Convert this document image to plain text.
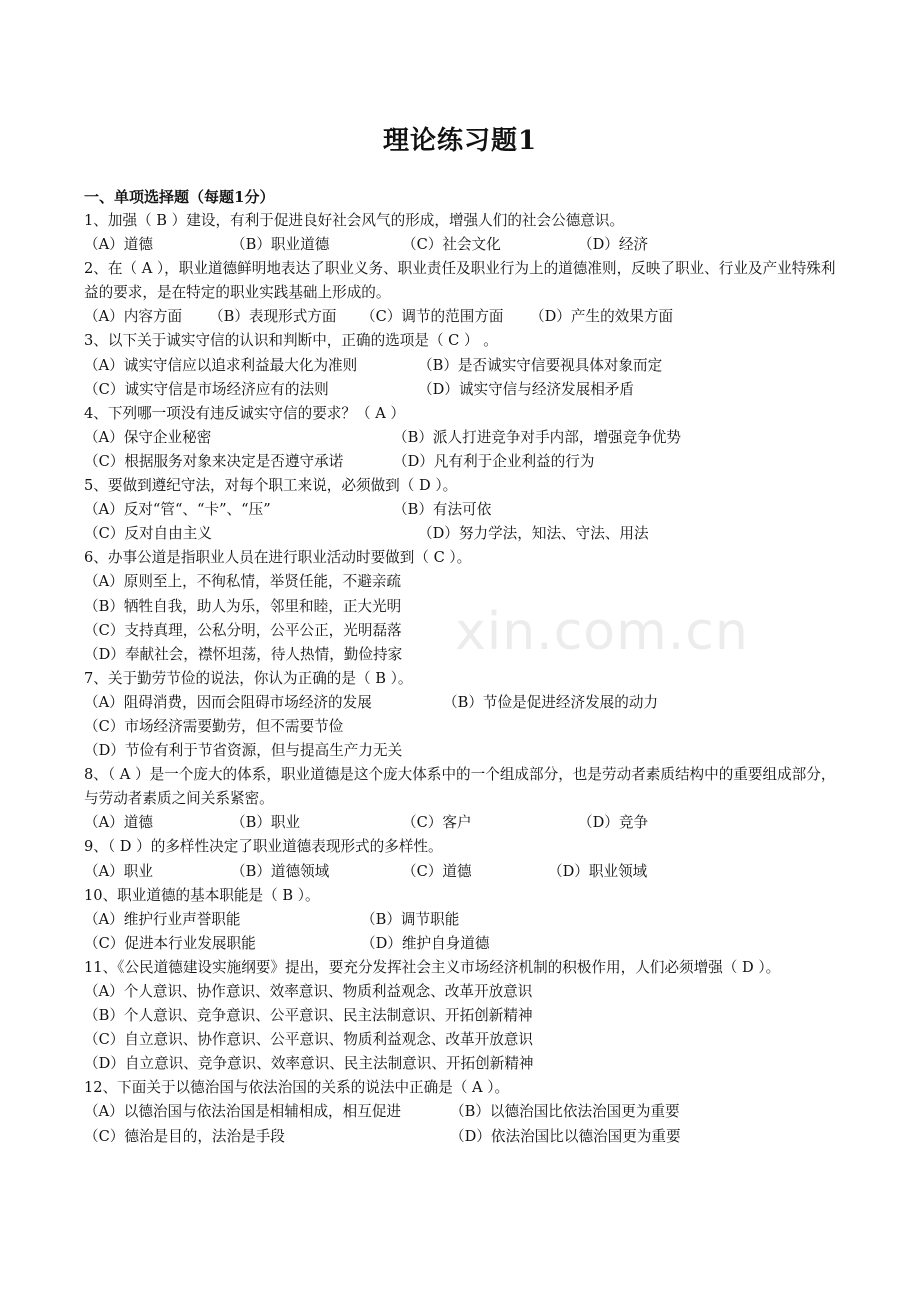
xin.com.cn
理论练习题1
一、单项选择题（每题1分）
1、加强（ B ）建设，有利于促进良好社会风气的形成，增强人们的社会公德意识。
（A）道德	（B）职业道德	（C）社会文化	（D）经济
2、在（ A ），职业道德鲜明地表达了职业义务、职业责任及职业行为上的道德准则，反映了职业、行业及产业特殊利益的要求，是在特定的职业实践基础上形成的。
（A）内容方面 （B）表现形式方面 （C）调节的范围方面 （D）产生的效果方面
3、以下关于诚实守信的认识和判断中，正确的选项是（ C ） 。
（A）诚实守信应以追求利益最大化为准则	（B）是否诚实守信要视具体对象而定
（C）诚实守信是市场经济应有的法则	（D）诚实守信与经济发展相矛盾
4、下列哪一项没有违反诚实守信的要求？（ A ）
（A）保守企业秘密	（B）派人打进竞争对手内部，增强竞争优势
（C）根据服务对象来决定是否遵守承诺	（D）凡有利于企业利益的行为
5、要做到遵纪守法，对每个职工来说，必须做到（ D ）。
（A）反对“管“、“卡”、“压”	（B）有法可依
（C）反对自由主义	（D）努力学法，知法、守法、用法
6、办事公道是指职业人员在进行职业活动时要做到（ C ）。
（A）原则至上，不徇私情，举贤任能，不避亲疏
（B）牺牲自我，助人为乐，邻里和睦，正大光明
（C）支持真理，公私分明，公平公正，光明磊落
（D）奉献社会，襟怀坦荡，待人热情，勤俭持家
7、关于勤劳节俭的说法，你认为正确的是（ B ）。
（A）阻碍消费，因而会阻碍市场经济的发展	（B）节俭是促进经济发展的动力
（C）市场经济需要勤劳，但不需要节俭
（D）节俭有利于节省资源，但与提高生产力无关
8、（ A ）是一个庞大的体系，职业道德是这个庞大体系中的一个组成部分，也是劳动者素质结构中的重要组成部分，与劳动者素质之间关系紧密。
（A）道德	（B）职业	（C）客户	（D）竞争
9、（ D ）的多样性决定了职业道德表现形式的多样性。
（A）职业	（B）道德领域	（C）道德	（D）职业领域
10、职业道德的基本职能是（ B ）。
（A）维护行业声誉职能	（B）调节职能
（C）促进本行业发展职能	（D）维护自身道德
11、《公民道德建设实施纲要》提出，要充分发挥社会主义市场经济机制的积极作用，人们必须增强（ D ）。
（A）个人意识、协作意识、效率意识、物质利益观念、改革开放意识
（B）个人意识、竞争意识、公平意识、民主法制意识、开拓创新精神
（C）自立意识、协作意识、公平意识、物质利益观念、改革开放意识
（D）自立意识、竞争意识、效率意识、民主法制意识、开拓创新精神
12、下面关于以德治国与依法治国的关系的说法中正确是（ A ）。
（A）以德治国与依法治国是相辅相成，相互促进	（B）以德治国比依法治国更为重要
（C）德治是目的，法治是手段	（D）依法治国比以德治国更为重要
